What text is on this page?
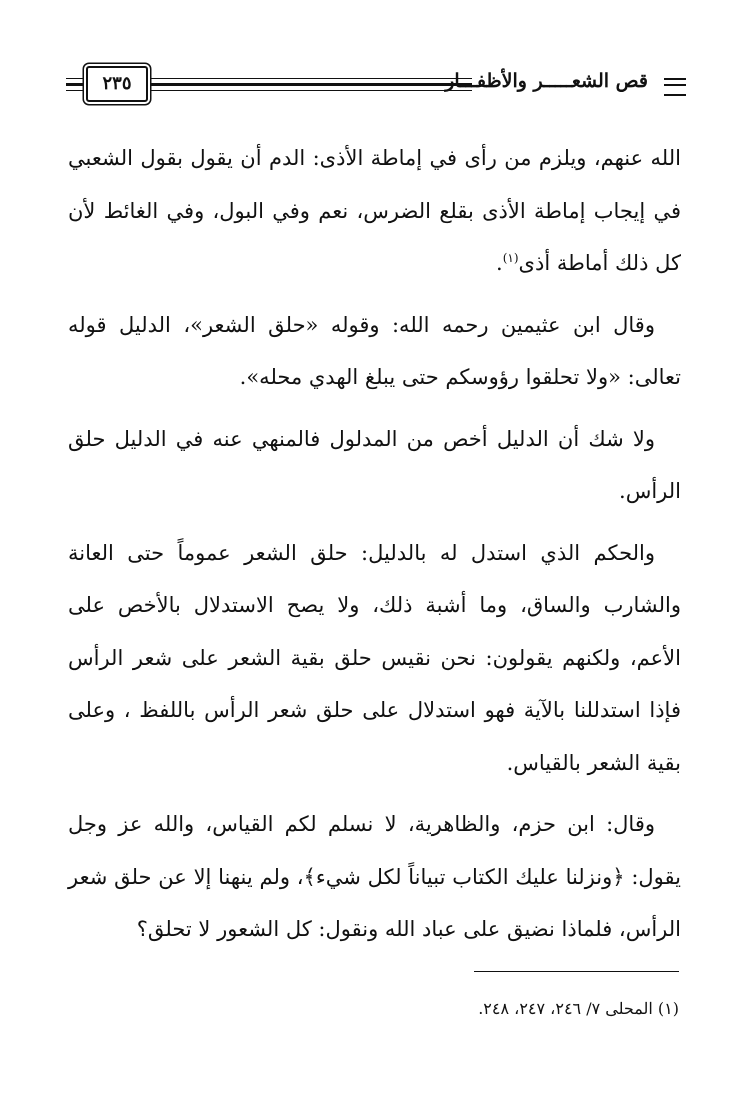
قص الشعـــــر والأظفـــار
٢٣٥

الله عنهم، ويلزم من رأى في إماطة الأذى: الدم أن يقول بقول الشعبي في إيجاب إماطة الأذى بقلع الضرس، نعم وفي البول، وفي الغائط لأن كل ذلك أماطة أذى$^{(١)}$.

وقال ابن عثيمين رحمه الله: وقوله «حلق الشعر»، الدليل قوله تعالى: «ولا تحلقوا رؤوسكم حتى يبلغ الهدي محله».

ولا شك أن الدليل أخص من المدلول فالمنهي عنه في الدليل حلق الرأس.

والحكم الذي استدل له بالدليل: حلق الشعر عموماً حتى العانة والشارب والساق، وما أشبة ذلك، ولا يصح الاستدلال بالأخص على الأعم، ولكنهم يقولون: نحن نقيس حلق بقية الشعر على شعر الرأس فإذا استدللنا بالآية فهو استدلال على حلق شعر الرأس باللفظ ، وعلى بقية الشعر بالقياس.

وقال: ابن حزم، والظاهرية، لا نسلم لكم القياس، والله عز وجل يقول: ﴿ونزلنا عليك الكتاب تبياناً لكل شيء﴾، ولم ينهنا إلا عن حلق شعر الرأس، فلماذا نضيق على عباد الله ونقول: كل الشعور لا تحلق؟

(١) المحلى ٧/ ٢٤٦، ٢٤٧، ٢٤٨.
